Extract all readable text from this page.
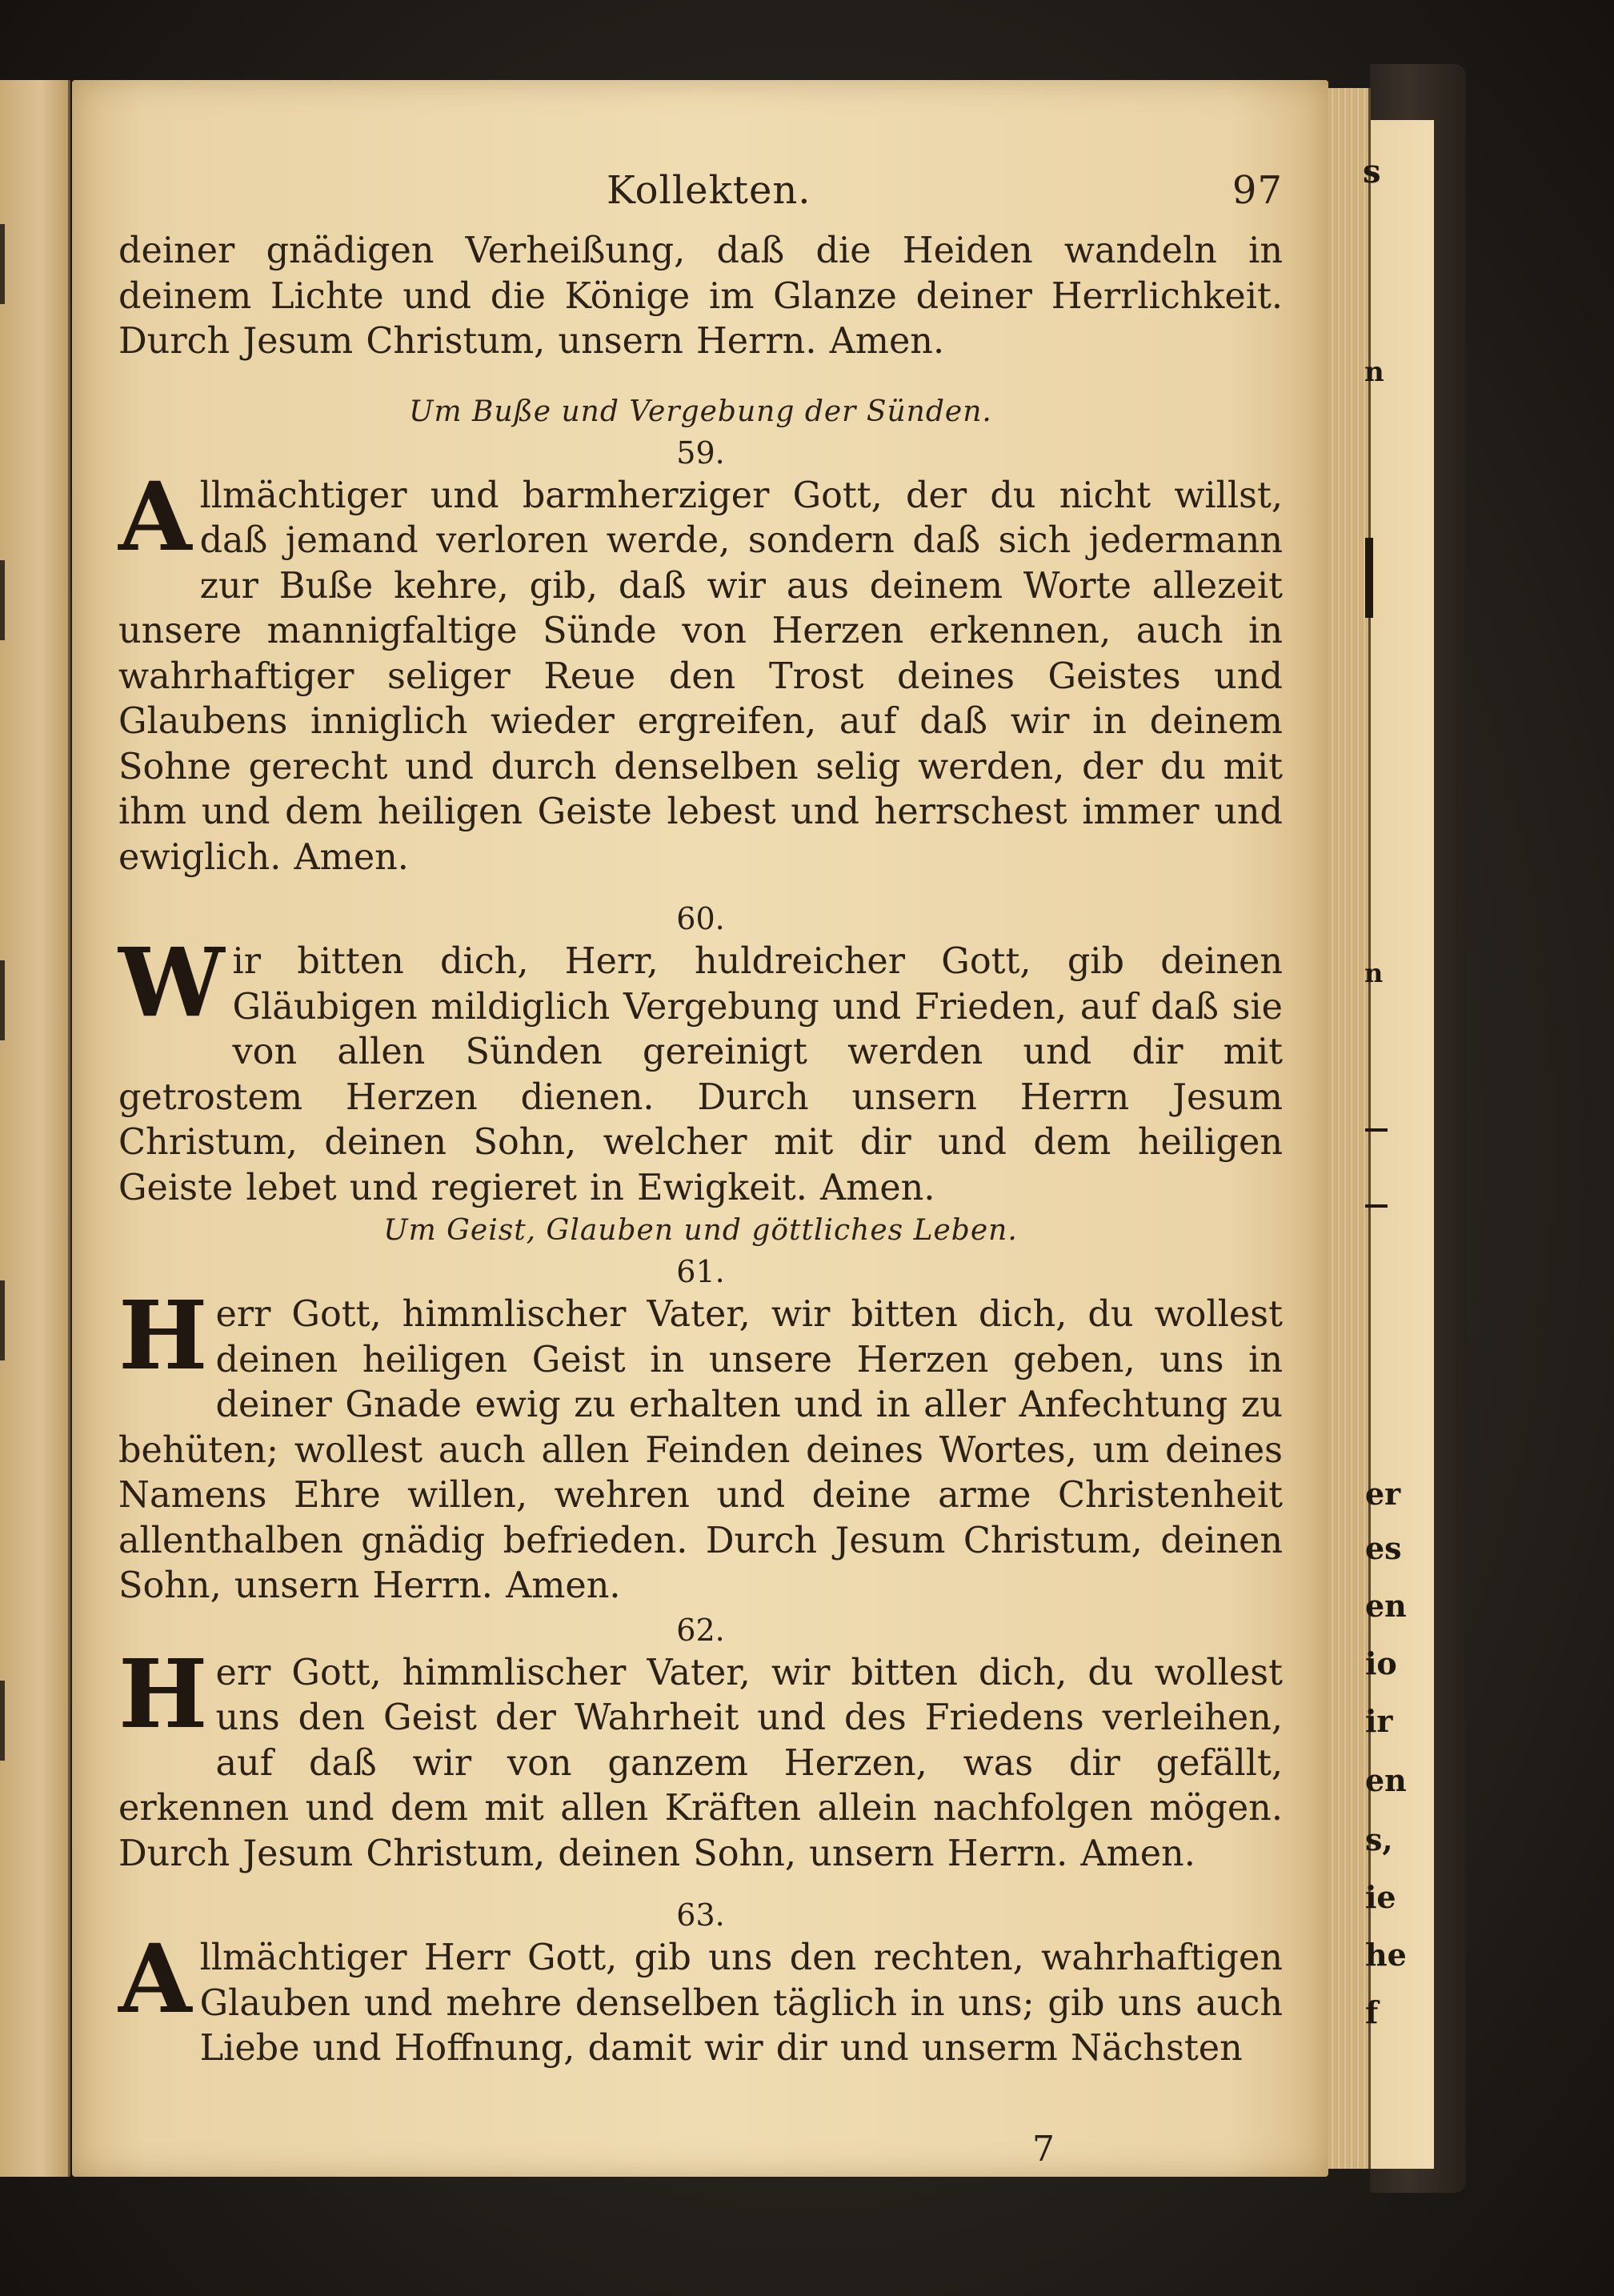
s
n
n
er
es
en
io
ir
en
s,
ie
he
f
Kollekten.	97
deiner gnädigen Verheißung, daß die Heiden wandeln in deinem Lichte und die Könige im Glanze deiner Herrlichkeit. Durch Jesum Christum, unsern Herrn. Amen.
Um Buße und Vergebung der Sünden.
59.
Allmächtiger und barmherziger Gott, der du nicht willst, daß jemand verloren werde, sondern daß sich jedermann zur Buße kehre, gib, daß wir aus deinem Worte allezeit unsere mannigfaltige Sünde von Herzen erkennen, auch in wahrhaftiger seliger Reue den Trost deines Geistes und Glaubens inniglich wieder ergreifen, auf daß wir in deinem Sohne gerecht und durch denselben selig werden, der du mit ihm und dem heiligen Geiste lebest und herrschest immer und ewiglich. Amen.
60.
Wir bitten dich, Herr, huldreicher Gott, gib deinen Gläubigen mildiglich Vergebung und Frieden, auf daß sie von allen Sünden gereinigt werden und dir mit getrostem Herzen dienen. Durch unsern Herrn Jesum Christum, deinen Sohn, welcher mit dir und dem heiligen Geiste lebet und regieret in Ewigkeit. Amen.
Um Geist, Glauben und göttliches Leben.
61.
Herr Gott, himmlischer Vater, wir bitten dich, du wollest deinen heiligen Geist in unsere Herzen geben, uns in deiner Gnade ewig zu erhalten und in aller Anfechtung zu behüten; wollest auch allen Feinden deines Wortes, um deines Namens Ehre willen, wehren und deine arme Christenheit allenthalben gnädig befrieden. Durch Jesum Christum, deinen Sohn, unsern Herrn. Amen.
62.
Herr Gott, himmlischer Vater, wir bitten dich, du wollest uns den Geist der Wahrheit und des Friedens verleihen, auf daß wir von ganzem Herzen, was dir gefällt, erkennen und dem mit allen Kräften allein nachfolgen mögen. Durch Jesum Christum, deinen Sohn, unsern Herrn. Amen.
63.
Allmächtiger Herr Gott, gib uns den rechten, wahrhaftigen Glauben und mehre denselben täglich in uns; gib uns auch Liebe und Hoffnung, damit wir dir und unserm Nächsten
7
